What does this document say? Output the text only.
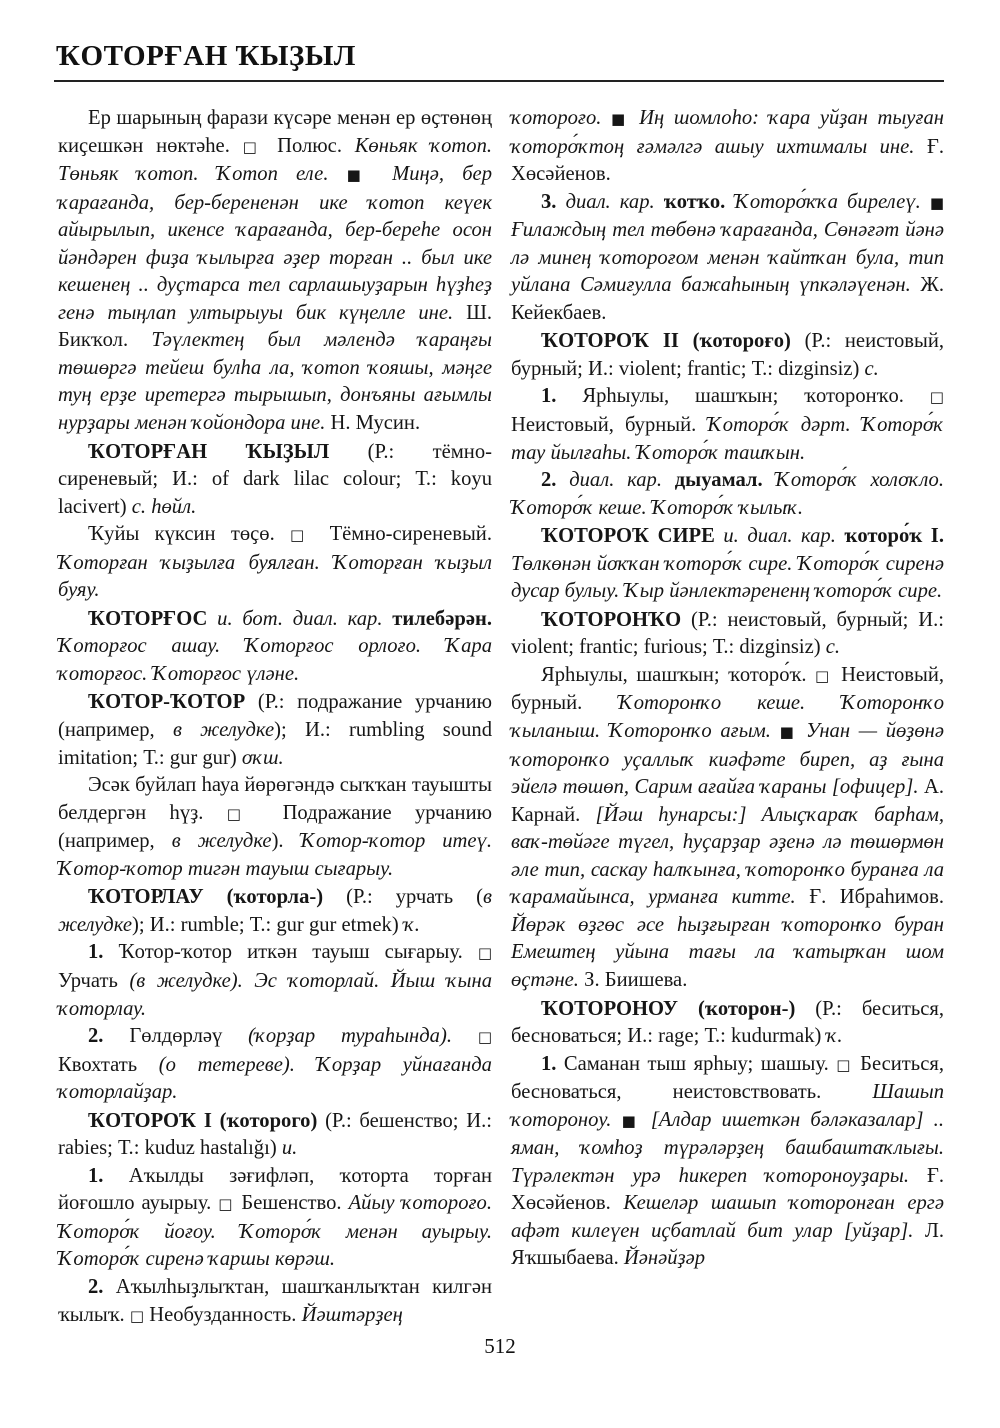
ҠОТОРҒАН ҠЫҘЫЛ

Ер шарының фарази күсәре менән ер өҫтөнөң киҫешкән нөктәһе. □ Полюс. Көньяк ҡотоп. Төньяк ҡотоп. Ҡотоп еле. ■ Миңә, бер ҡарағанда, бер-берененән ике ҡотоп кеүек айырылып, икенсе ҡарағанда, бер-береһе осон йәндәрен фиҙа ҡылырға әҙер торған .. был ике кешенең .. дуҫтарса тел сарлашыуҙарын һүҙһеҙ генә тыңлап ултырыуы бик күңелле ине. Ш. Бикҡол. Тәүлектең был мәлендә ҡараңғы төшөргә тейеш булһа ла, ҡотоп ҡояшы, мәңге туң ерҙе иретергә тырышып, донъяны ағымлы нурҙары менән ҡойондора ине. Н. Мусин.

ҠОТОРҒАН ҠЫҘЫЛ (Р.: тёмно-сиреневый; И.: of dark lilac colour; Т.: koyu lacivert) с. һөйл.

Ҡуйы күксин төҫө. □ Тёмно-сиреневый. Ҡоторған ҡыҙылға буялған. Ҡоторған ҡыҙыл буяу.

ҠОТОРҒОС и. бот. диал. кар. тилебәрән. Ҡоторғос ашау. Ҡоторғос орлоғо. Ҡара ҡоторғос. Ҡоторғос үләне.

ҠОТОР-ҠОТОР (Р.: подражание урчанию (например, в желудке); И.: rumbling sound imitation; Т.: gur gur) оҡш.

Эсәк буйлап һауа йөрөгәндә сыҡҡан тауышты белдергән һүҙ. □ Подражание урчанию (например, в желудке). Ҡотор-ҡотор итеү. Ҡотор-ҡотор тигән тауыш сығарыу.

ҠОТОРЛАУ (ҡоторла-) (Р.: урчать (в желудке); И.: rumble; Т.: gur gur etmek) ҡ.

1. Ҡотор-ҡотор иткән тауыш сығарыу. □ Урчать (в желудке). Эс ҡоторлай. Йыш ҡына ҡоторлау.

2. Гөлдөрләү (ҡорҙар тураһында). □ Квохтать (о тетереве). Ҡорҙар уйнағанда ҡоторлайҙар.

ҠОТОРОҠ I (ҡоторого) (Р.: бешенство; И.: rabies; Т.: kuduz hastalığı) и.

1. Аҡылды зәғифләп, ҡоторта торған йоғошло ауырыу. □ Бешенство. Айыу ҡотороғо. Ҡоторо́ҡ йоғоу. Ҡоторо́ҡ менән ауырыу. Ҡоторо́ҡ сиренә ҡаршы көрәш.

2. Аҡылһыҙлыҡтан, шашҡанлыҡтан килгән ҡылыҡ. □ Необузданность. Йәштәрҙең

ҡотороғо. ■ Иң шомлоһо: ҡара уйҙан тыуған ҡоторо́ҡтоң ғәмәлгә ашыу ихтималы ине. Ғ. Хөсәйенов.

3. диал. кар. ҡотҡо. Ҡоторо́ҡҡа бирелеү. ■ Ғилаждың тел төбөнә ҡарағанда, Сөнәғәт йәнә лә минең ҡотороғом менән ҡайтҡан була, тип уйлана Сәмиғулла бажаһының үпкәләүенән. Ж. Кейекбаев.

ҠОТОРОҠ II (ҡотороғо) (Р.: неистовый, бурный; И.: violent; frantic; Т.: dizginsiz) с.

1. Ярһыулы, шашҡын; ҡоторонҡо. □ Неистовый, бурный. Ҡоторо́ҡ дәрт. Ҡоторо́ҡ тау йылғаһы. Ҡоторо́ҡ ташҡын.

2. диал. кар. дыуамал. Ҡоторо́ҡ холоҡло. Ҡоторо́ҡ кеше. Ҡоторо́ҡ ҡылыҡ.

ҠОТОРОҠ СИРЕ и. диал. кар. ҡоторо́ҡ I. Төлкөнән йоҡҡан ҡоторо́ҡ сире. Ҡоторо́ҡ сиренә дусар булыу. Ҡыр йәнлектәрененң ҡоторо́ҡ сире.

ҠОТОРОНҠО (Р.: неистовый, бурный; И.: violent; frantic; furious; Т.: dizginsiz) с.

Ярһыулы, шашҡын; ҡоторо́ҡ. □ Неистовый, бурный. Ҡоторонҡо кеше. Ҡоторонҡо ҡыланыш. Ҡоторонҡо ағым. ■ Унан — йөҙөнә ҡоторонҡо уҫаллыҡ киәфәте биреп, аҙ ғына эйелә төшөп, Сарим ағайға ҡараны [офицер]. А. Карнай. [Йәш һунарсы:] Алыҫҡараҡ барһам, ваҡ-төйәге түгел, һуҫарҙар әҙенә лә төшөрмөн әле тип, саскау һалҡынға, ҡоторонҡо буранға ла ҡарамайынса, урманға китте. Ғ. Ибраһимов. Йөрәк өҙгөс әсе һыҙғырған ҡоторонҡо буран Емештең уйына тағы ла ҡатырҡан шом өҫтәне. З. Биишева.

ҠОТОРОНОУ (ҡоторон-) (Р.: беситься, бесноваться; И.: rage; Т.: kudurmak) ҡ.

1. Саманан тыш ярһыу; шашыу. □ Беситься, бесноваться, неистовствовать. Шашып ҡоторонoу. ■ [Алдар ишеткән бәләказалар] .. яман, ҡомһоҙ түрәләрҙең башбаштаҡлығы. Түрәлектән урә һикереп ҡотороноуҙары. Ғ. Хөсәйенов. Кешеләр шашып ҡоторонған ергә афәт килеүен иҫбатлай бит улар [уйҙар]. Л. Яҡшыбаева. Йәнәйҙәр

512
